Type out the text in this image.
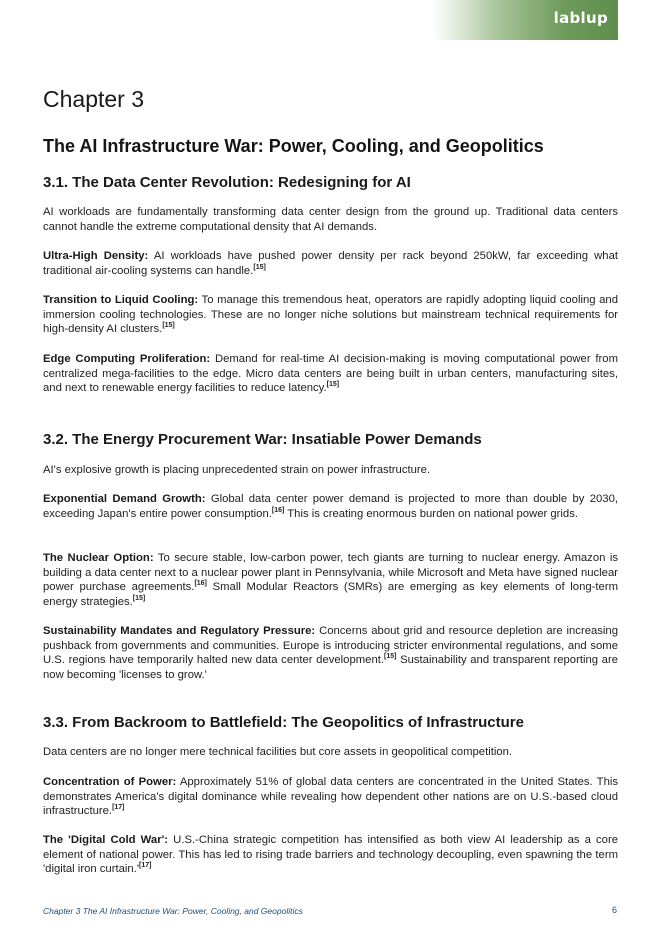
lablup
Chapter 3
The AI Infrastructure War: Power, Cooling, and Geopolitics
3.1. The Data Center Revolution: Redesigning for AI

AI workloads are fundamentally transforming data center design from the ground up. Traditional data centers cannot handle the extreme computational density that AI demands.

Ultra-High Density: AI workloads have pushed power density per rack beyond 250kW, far exceeding what traditional air-cooling systems can handle.[15]

Transition to Liquid Cooling: To manage this tremendous heat, operators are rapidly adopting liquid cooling and immersion cooling technologies. These are no longer niche solutions but mainstream technical requirements for high-density AI clusters.[15]

Edge Computing Proliferation: Demand for real-time AI decision-making is moving computational power from centralized mega-facilities to the edge. Micro data centers are being built in urban centers, manufacturing sites, and next to renewable energy facilities to reduce latency.[15]

3.2. The Energy Procurement War: Insatiable Power Demands

AI's explosive growth is placing unprecedented strain on power infrastructure.

Exponential Demand Growth: Global data center power demand is projected to more than double by 2030, exceeding Japan's entire power consumption.[16] This is creating enormous burden on national power grids.

The Nuclear Option: To secure stable, low-carbon power, tech giants are turning to nuclear energy. Amazon is building a data center next to a nuclear power plant in Pennsylvania, while Microsoft and Meta have signed nuclear power purchase agreements.[16] Small Modular Reactors (SMRs) are emerging as key elements of long-term energy strategies.[15]

Sustainability Mandates and Regulatory Pressure: Concerns about grid and resource depletion are increasing pushback from governments and communities. Europe is introducing stricter environmental regulations, and some U.S. regions have temporarily halted new data center development.[15] Sustainability and transparent reporting are now becoming 'licenses to grow.'

3.3. From Backroom to Battlefield: The Geopolitics of Infrastructure

Data centers are no longer mere technical facilities but core assets in geopolitical competition.

Concentration of Power: Approximately 51% of global data centers are concentrated in the United States. This demonstrates America's digital dominance while revealing how dependent other nations are on U.S.-based cloud infrastructure.[17]

The 'Digital Cold War': U.S.-China strategic competition has intensified as both view AI leadership as a core element of national power. This has led to rising trade barriers and technology decoupling, even spawning the term 'digital iron curtain.'[17]

Chapter 3 The AI Infrastructure War: Power, Cooling, and Geopolitics	6
